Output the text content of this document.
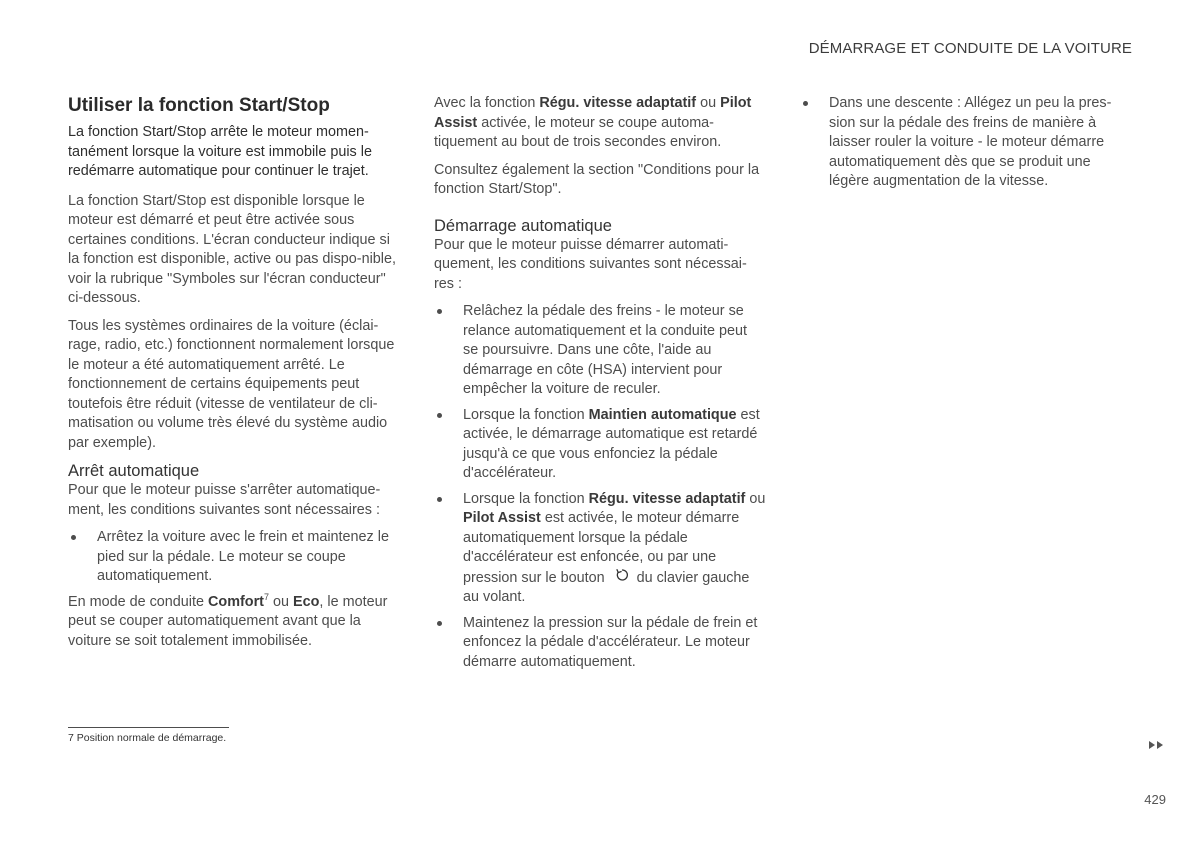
DÉMARRAGE ET CONDUITE DE LA VOITURE
Utiliser la fonction Start/Stop

La fonction Start/Stop arrête le moteur momen-tanément lorsque la voiture est immobile puis le redémarre automatique pour continuer le trajet.

La fonction Start/Stop est disponible lorsque le moteur est démarré et peut être activée sous certaines conditions. L'écran conducteur indique si la fonction est disponible, active ou pas dispo-nible, voir la rubrique "Symboles sur l'écran conducteur" ci-dessous.

Tous les systèmes ordinaires de la voiture (éclai-rage, radio, etc.) fonctionnent normalement lorsque le moteur a été automatiquement arrêté. Le fonctionnement de certains équipements peut toutefois être réduit (vitesse de ventilateur de cli-matisation ou volume très élevé du système audio par exemple).

Arrêt automatique

Pour que le moteur puisse s'arrêter automatique-ment, les conditions suivantes sont nécessaires :

Arrêtez la voiture avec le frein et maintenez le pied sur la pédale. Le moteur se coupe automatiquement.

En mode de conduite Comfort$^7$ ou Eco, le moteur peut se couper automatiquement avant que la voiture se soit totalement immobilisée.

Avec la fonction Régu. vitesse adaptatif ou Pilot Assist activée, le moteur se coupe automa-tiquement au bout de trois secondes environ.

Consultez également la section "Conditions pour la fonction Start/Stop".

Démarrage automatique

Pour que le moteur puisse démarrer automati-quement, les conditions suivantes sont nécessai-res :

Relâchez la pédale des freins - le moteur se relance automatiquement et la conduite peut se poursuivre. Dans une côte, l'aide au démarrage en côte (HSA) intervient pour empêcher la voiture de reculer.
Lorsque la fonction Maintien automatique est activée, le démarrage automatique est retardé jusqu'à ce que vous enfonciez la pédale d'accélérateur.
Lorsque la fonction Régu. vitesse adaptatif ou Pilot Assist est activée, le moteur démarre automatiquement lorsque la pédale d'accélérateur est enfoncée, ou par une pression sur le bouton du clavier gauche au volant.
Maintenez la pression sur la pédale de frein et enfoncez la pédale d'accélérateur. Le moteur démarre automatiquement.
Dans une descente : Allégez un peu la pres-sion sur la pédale des freins de manière à laisser rouler la voiture - le moteur démarre automatiquement dès que se produit une légère augmentation de la vitesse.
7 Position normale de démarrage.
429
